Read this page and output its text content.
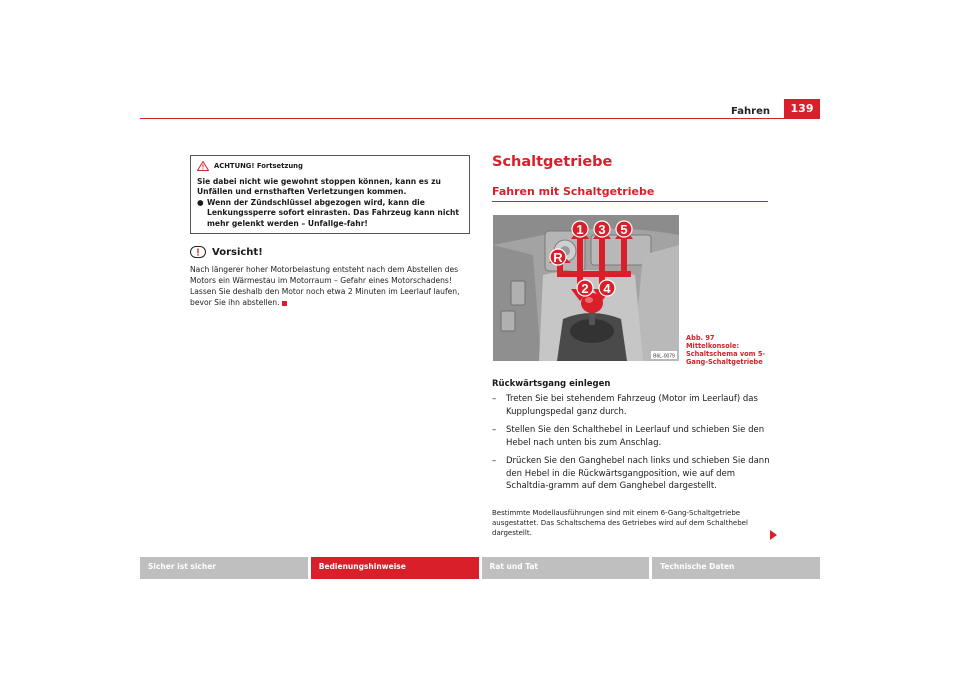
Fahren	139
ACHTUNG! Fortsetzung
Sie dabei nicht wie gewohnt stoppen können, kann es zu Unfällen und ernsthaften Verletzungen kommen.
● Wenn der Zündschlüssel abgezogen wird, kann die Lenkungssperre sofort einrasten. Das Fahrzeug kann nicht mehr gelenkt werden – Unfallge-fahr!
Vorsicht!
Nach längerer hoher Motorbelastung entsteht nach dem Abstellen des Motors ein Wärmestau im Motorraum – Gefahr eines Motorschadens! Lassen Sie deshalb den Motor noch etwa 2 Minuten im Leerlauf laufen, bevor Sie ihn abstellen.
Schaltgetriebe
Fahren mit Schaltgetriebe
1 3 5
R
2 4
B6L-0079
Abb. 97 Mittelkonsole: Schaltschema vom 5-Gang-Schaltgetriebe
Rückwärtsgang einlegen
–	Treten Sie bei stehendem Fahrzeug (Motor im Leerlauf) das Kupplungspedal ganz durch.
–	Stellen Sie den Schalthebel in Leerlauf und schieben Sie den Hebel nach unten bis zum Anschlag.
–	Drücken Sie den Ganghebel nach links und schieben Sie dann den Hebel in die Rückwärtsgangposition, wie auf dem Schaltdia-gramm auf dem Ganghebel dargestellt.
Bestimmte Modellausführungen sind mit einem 6-Gang-Schaltgetriebe ausgestattet. Das Schaltschema des Getriebes wird auf dem Schalthebel dargestellt.
Sicher ist sicher	Bedienungshinweise	Rat und Tat	Technische Daten
